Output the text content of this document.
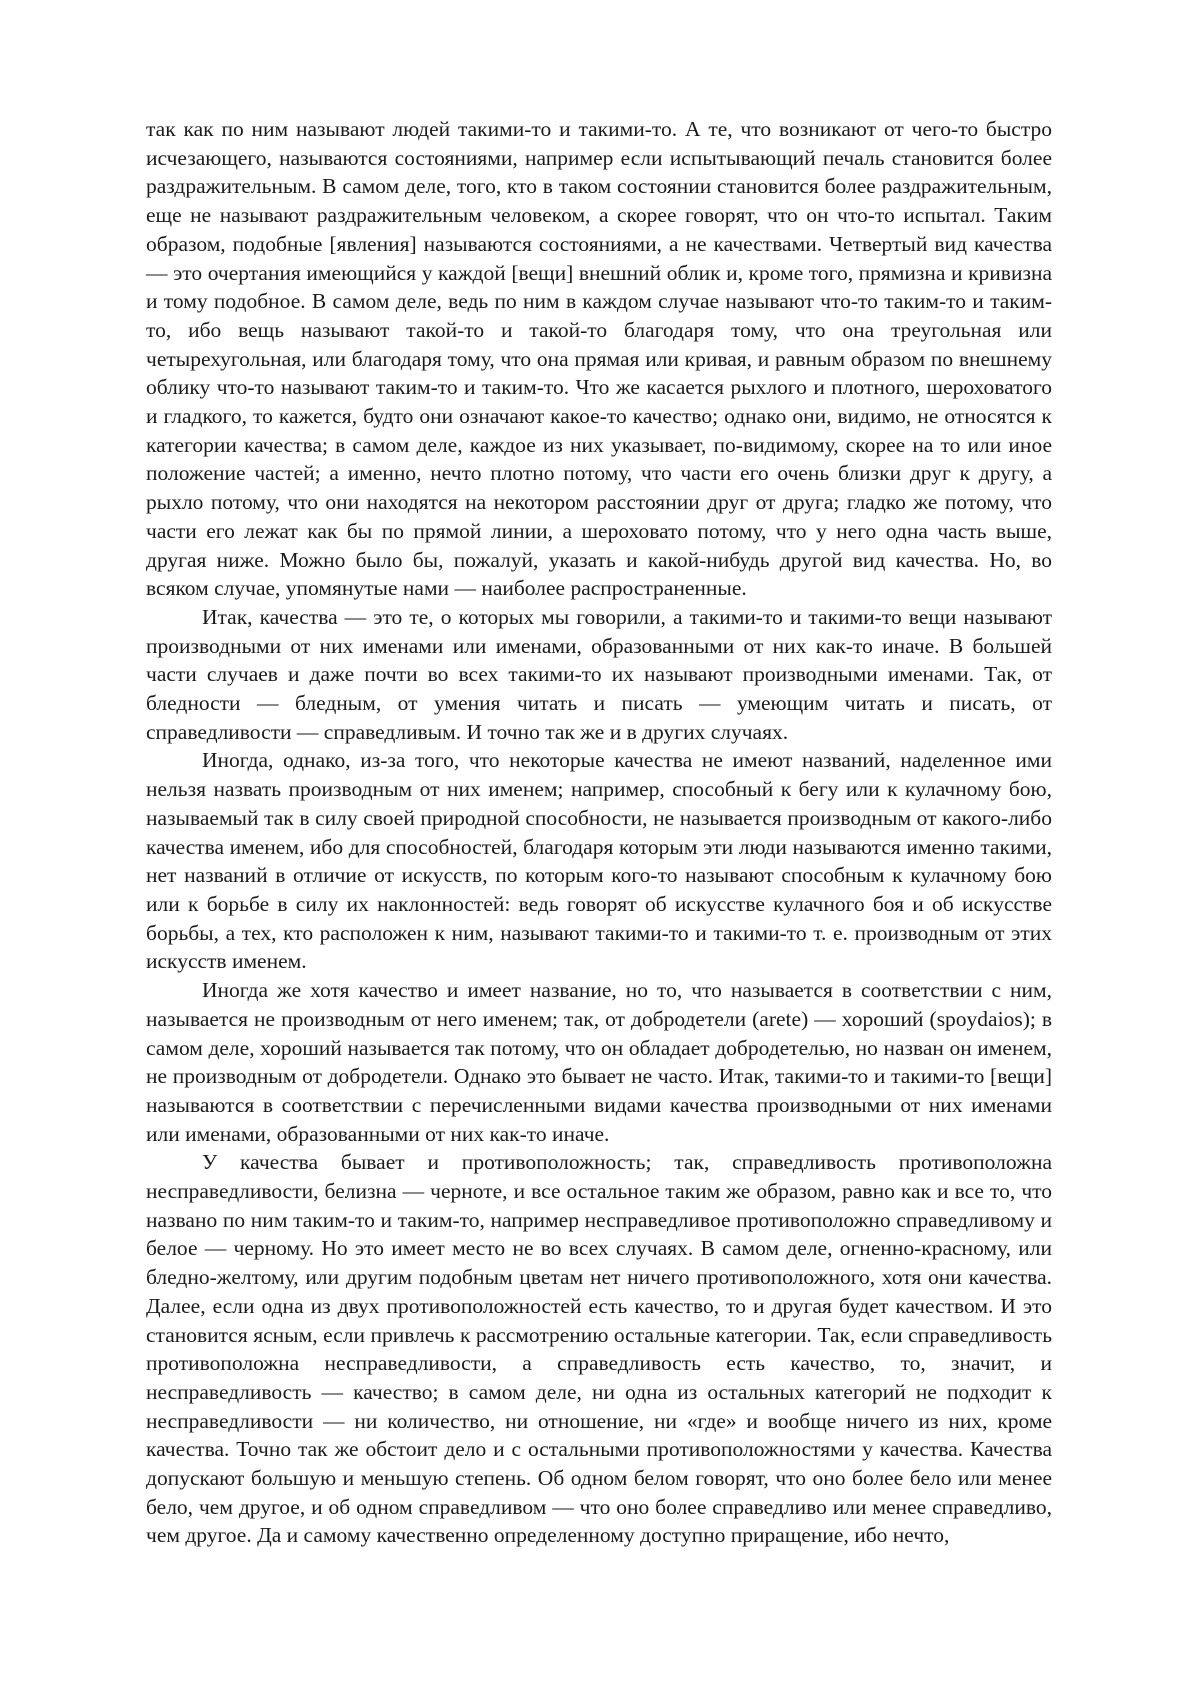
так как по ним называют людей такими-то и такими-то. А те, что возникают от чего-то быстро исчезающего, называются состояниями, например если испытывающий печаль становится более раздражительным. В самом деле, того, кто в таком состоянии становится более раздражительным, еще не называют раздражительным человеком, а скорее говорят, что он что-то испытал. Таким образом, подобные [явления] называются состояниями, а не качествами. Четвертый вид качества — это очертания имеющийся у каждой [вещи] внешний облик и, кроме того, прямизна и кривизна и тому подобное. В самом деле, ведь по ним в каждом случае называют что-то таким-то и таким-то, ибо вещь называют такой-то и такой-то благодаря тому, что она треугольная или четырехугольная, или благодаря тому, что она прямая или кривая, и равным образом по внешнему облику что-то называют таким-то и таким-то. Что же касается рыхлого и плотного, шероховатого и гладкого, то кажется, будто они означают какое-то качество; однако они, видимо, не относятся к категории качества; в самом деле, каждое из них указывает, по-видимому, скорее на то или иное положение частей; а именно, нечто плотно потому, что части его очень близки друг к другу, а рыхло потому, что они находятся на некотором расстоянии друг от друга; гладко же потому, что части его лежат как бы по прямой линии, а шероховато потому, что у него одна часть выше, другая ниже. Можно было бы, пожалуй, указать и какой-нибудь другой вид качества. Но, во всяком случае, упомянутые нами — наиболее распространенные.

Итак, качества — это те, о которых мы говорили, а такими-то и такими-то вещи называют производными от них именами или именами, образованными от них как-то иначе. В большей части случаев и даже почти во всех такими-то их называют производными именами. Так, от бледности — бледным, от умения читать и писать — умеющим читать и писать, от справедливости — справедливым. И точно так же и в других случаях.

Иногда, однако, из-за того, что некоторые качества не имеют названий, наделенное ими нельзя назвать производным от них именем; например, способный к бегу или к кулачному бою, называемый так в силу своей природной способности, не называется производным от какого-либо качества именем, ибо для способностей, благодаря которым эти люди называются именно такими, нет названий в отличие от искусств, по которым кого-то называют способным к кулачному бою или к борьбе в силу их наклонностей: ведь говорят об искусстве кулачного боя и об искусстве борьбы, а тех, кто расположен к ним, называют такими-то и такими-то т. е. производным от этих искусств именем.

Иногда же хотя качество и имеет название, но то, что называется в соответствии с ним, называется не производным от него именем; так, от добродетели (arete) — хороший (spoydaios); в самом деле, хороший называется так потому, что он обладает добродетелью, но назван он именем, не производным от добродетели. Однако это бывает не часто. Итак, такими-то и такими-то [вещи] называются в соответствии с перечисленными видами качества производными от них именами или именами, образованными от них как-то иначе.

У качества бывает и противоположность; так, справедливость противоположна несправедливости, белизна — черноте, и все остальное таким же образом, равно как и все то, что названо по ним таким-то и таким-то, например несправедливое противоположно справедливому и белое — черному. Но это имеет место не во всех случаях. В самом деле, огненно-красному, или бледно-желтому, или другим подобным цветам нет ничего противоположного, хотя они качества. Далее, если одна из двух противоположностей есть качество, то и другая будет качеством. И это становится ясным, если привлечь к рассмотрению остальные категории. Так, если справедливость противоположна несправедливости, а справедливость есть качество, то, значит, и несправедливость — качество; в самом деле, ни одна из остальных категорий не подходит к несправедливости — ни количество, ни отношение, ни «где» и вообще ничего из них, кроме качества. Точно так же обстоит дело и с остальными противоположностями у качества. Качества допускают большую и меньшую степень. Об одном белом говорят, что оно более бело или менее бело, чем другое, и об одном справедливом — что оно более справедливо или менее справедливо, чем другое. Да и самому качественно определенному доступно приращение, ибо нечто,
